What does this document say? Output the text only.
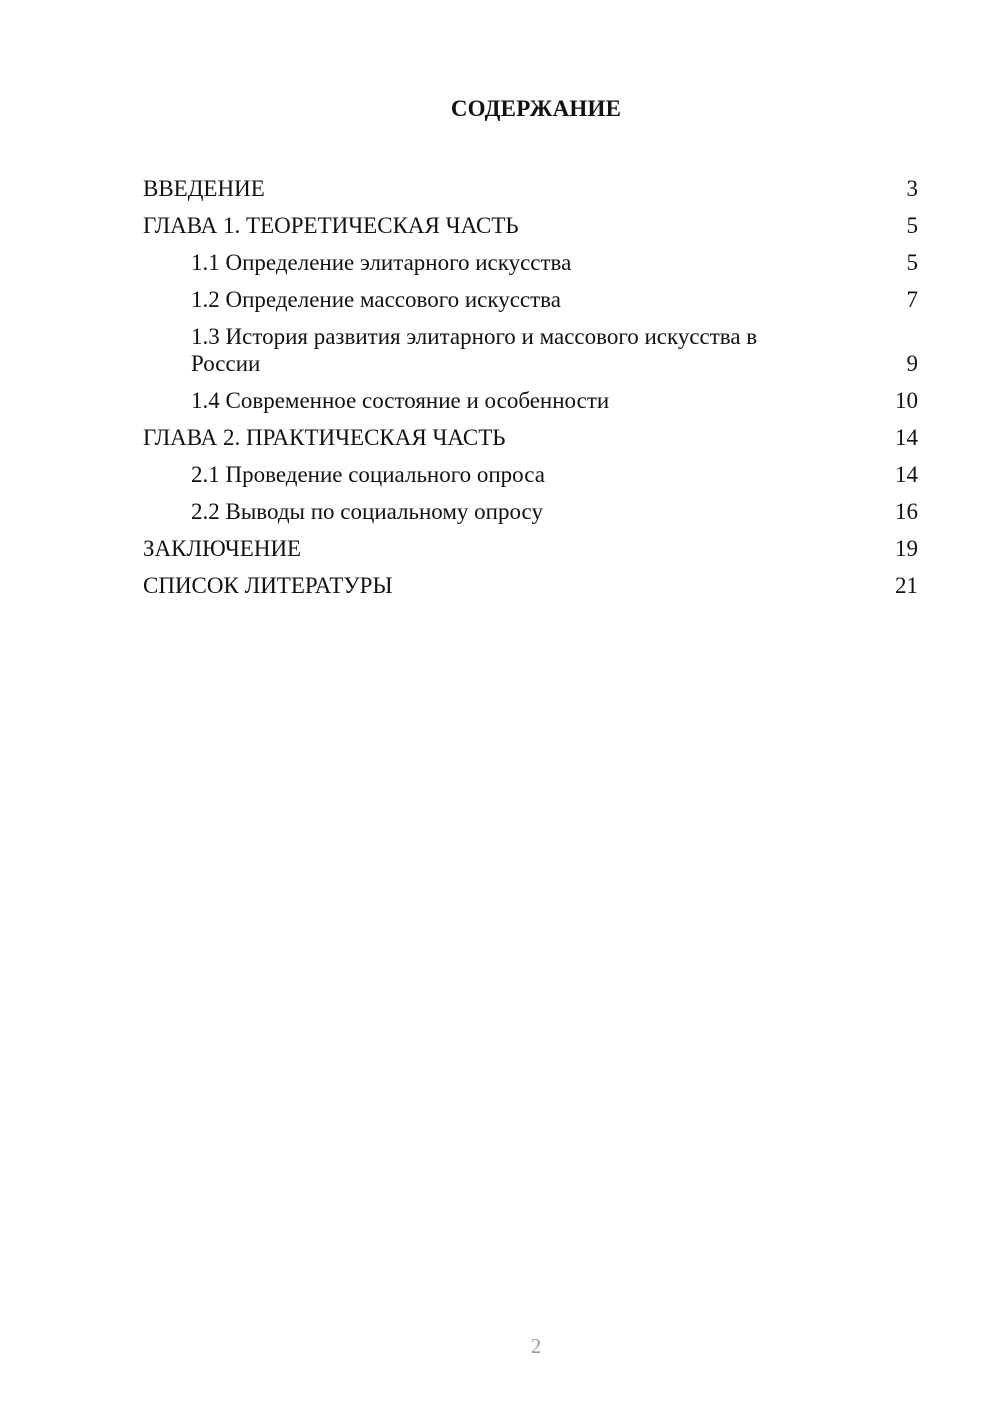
СОДЕРЖАНИЕ
ВВЕДЕНИЕ	3
ГЛАВА 1. ТЕОРЕТИЧЕСКАЯ ЧАСТЬ	5
1.1 Определение элитарного искусства	5
1.2 Определение массового искусства	7
1.3 История развития элитарного и массового искусства в России	9
1.4 Современное состояние и особенности	10
ГЛАВА 2. ПРАКТИЧЕСКАЯ ЧАСТЬ	14
2.1 Проведение социального опроса	14
2.2 Выводы по социальному опросу	16
ЗАКЛЮЧЕНИЕ	19
СПИСОК ЛИТЕРАТУРЫ	21
2
